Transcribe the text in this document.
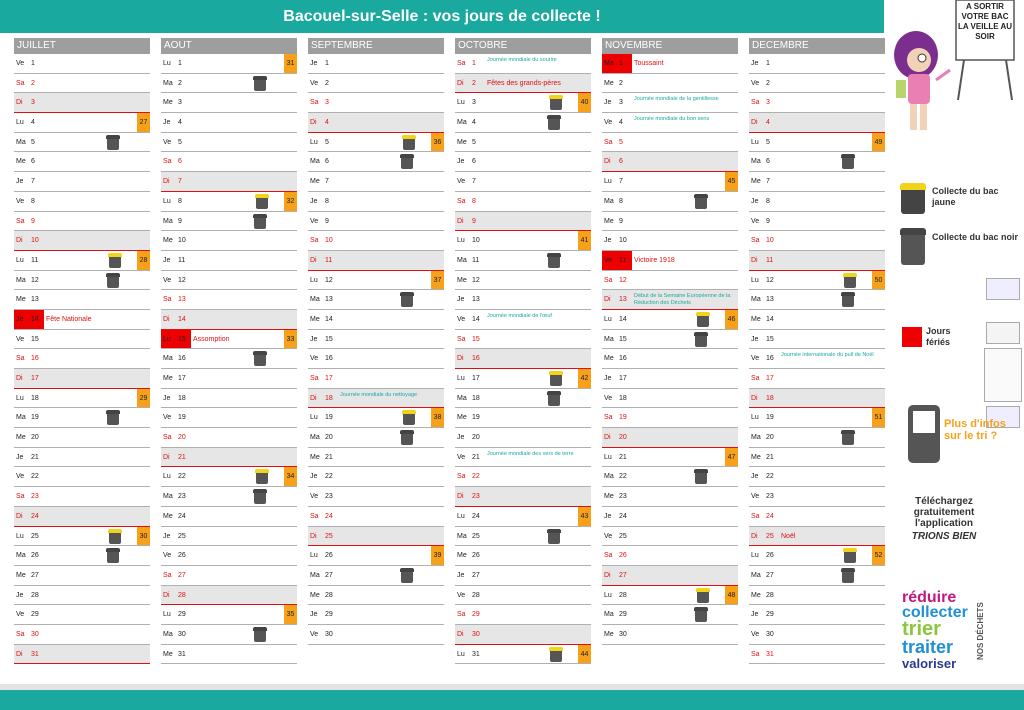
Bacouel-sur-Selle : vos jours de collecte !
JUILLET
Ve 1
Sa 2
Di 3
Lu 4	27
Ma 5
Me 6
Je 7
Ve 8
Sa 9
Di 10
Lu 11	28
Ma 12
Me 13
Je 14 Fête Nationale
Ve 15
Sa 16
Di 17
Lu 18	29
Ma 19
Me 20
Je 21
Ve 22
Sa 23
Di 24
Lu 25	30
Ma 26
Me 27
Je 28
Ve 29
Sa 30
Di 31
AOUT
Lu 1	31
Ma 2
Me 3
Je 4
Ve 5
Sa 6
Di 7
Lu 8	32
Ma 9
Me 10
Je 11
Ve 12
Sa 13
Di 14
Lu 15 Assomption	33
Ma 16
Me 17
Je 18
Ve 19
Sa 20
Di 21
Lu 22	34
Ma 23
Me 24
Je 25
Ve 26
Sa 27
Di 28
Lu 29	35
Ma 30
Me 31
SEPTEMBRE
Je 1
Ve 2
Sa 3
Di 4
Lu 5	36
Ma 6
Me 7
Je 8
Ve 9
Sa 10
Di 11
Lu 12	37
Ma 13
Me 14
Je 15
Ve 16
Sa 17
Di 18 Journée mondiale du nettoyage
Lu 19	38
Ma 20
Me 21
Je 22
Ve 23
Sa 24
Di 25
Lu 26	39
Ma 27
Me 28
Je 29
Ve 30
OCTOBRE
Sa 1 Journée mondiale du sourire
Di 2 Fêtes des grands-pères
Lu 3	40
Ma 4
Me 5
Je 6
Ve 7
Sa 8
Di 9
Lu 10	41
Ma 11
Me 12
Je 13
Ve 14 Journée mondiale de l'œuf
Sa 15
Di 16
Lu 17	42
Ma 18
Me 19
Je 20
Ve 21 Journée mondiale des vers de terre
Sa 22
Di 23
Lu 24	43
Ma 25
Me 26
Je 27
Ve 28
Sa 29
Di 30
Lu 31	44
NOVEMBRE
Ma 1 Toussaint
Me 2
Je 3 Journée mondiale de la gentillesse
Ve 4 Journée mondiale du bon sens
Sa 5
Di 6
Lu 7	45
Ma 8
Me 9
Je 10
Ve 11 Victoire 1918
Sa 12
Di 13 Début de la Semaine Européenne de la Réduction des Déchets
Lu 14	46
Ma 15
Me 16
Je 17
Ve 18
Sa 19
Di 20
Lu 21	47
Ma 22
Me 23
Je 24
Ve 25
Sa 26
Di 27
Lu 28	48
Ma 29
Me 30
DECEMBRE
Je 1
Ve 2
Sa 3
Di 4
Lu 5	49
Ma 6
Me 7
Je 8
Ve 9
Sa 10
Di 11
Lu 12	50
Ma 13
Me 14
Je 15
Ve 16 Journée internationale du pull de Noël
Sa 17
Di 18
Lu 19	51
Ma 20
Me 21
Je 22
Ve 23
Sa 24
Di 25 Noël
Lu 26	52
Ma 27
Me 28
Je 29
Ve 30
Sa 31
A SORTIR VOTRE BAC LA VEILLE AU SOIR
Collecte du bac jaune
Collecte du bac noir
Jours fériés
Plus d'infos sur le tri ?
Téléchargez gratuitement l'application
TRIONS BIEN
réduire
collecter
trier
traiter
valoriser
NOS DÉCHETS
